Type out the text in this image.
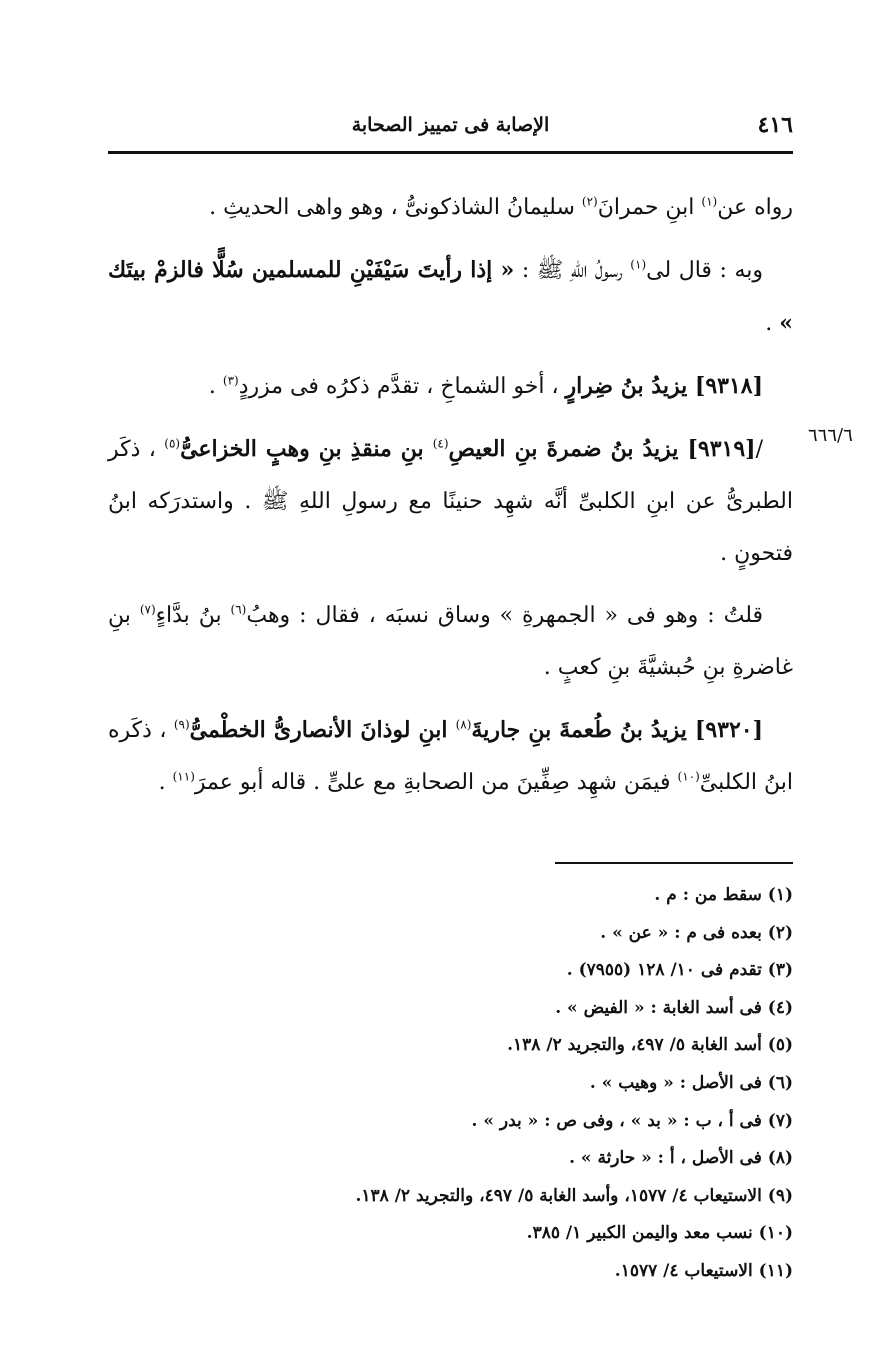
٤١٦
الإصابة فى تمييز الصحابة
٦٦٦/٦

رواه عن$^{(١)}$ ابنِ حمرانَ$^{(٢)}$ سليمانُ الشاذكونىُّ ، وهو واهى الحديثِ .

وبه : قال لى$^{(١)}$ رسولُ اللهِ ﷺ : « إذا رأيتَ سَيْفَيْنِ للمسلمين سُلًّا فالزمْ بيتَك » .

[٩٣١٨] يزيدُ بنُ ضِرارٍ ، أخو الشماخِ ، تقدَّم ذكرُه فى مزردٍ$^{(٣)}$ .

/[٩٣١٩] يزيدُ بنُ ضمرةَ بنِ العيصِ$^{(٤)}$ بنِ منقذِ بنِ وهبٍ الخزاعىُّ$^{(٥)}$ ، ذكَر الطبرىُّ عن ابنِ الكلبىِّ أنَّه شهِد حنينًا مع رسولِ اللهِ ﷺ . واستدرَكه ابنُ فتحونٍ .

قلتُ : وهو فى « الجمهرةِ » وساق نسبَه ، فقال : وهبُ$^{(٦)}$ بنُ بدَّاءٍ$^{(٧)}$ بنِ غاضرةِ بنِ حُبشيَّةَ بنِ كعبٍ .

[٩٣٢٠] يزيدُ بنُ طُعمةَ بنِ جاريةَ$^{(٨)}$ ابنِ لوذانَ الأنصارىُّ الخطْمىُّ$^{(٩)}$ ، ذكَره ابنُ الكلبىِّ$^{(١٠)}$ فيمَن شهِد صِفِّينَ من الصحابةِ مع علىٍّ . قاله أبو عمرَ$^{(١١)}$ .

(١) سقط من : م .
(٢) بعده فى م : « عن » .
(٣) تقدم فى ١٠/ ١٢٨ (٧٩٥٥) .
(٤) فى أسد الغابة : « الفيض » .
(٥) أسد الغابة ٥/ ٤٩٧، والتجريد ٢/ ١٣٨.
(٦) فى الأصل : « وهيب » .
(٧) فى أ ، ب : « بد » ، وفى ص : « بدر » .
(٨) فى الأصل ، أ : « حارثة » .
(٩) الاستيعاب ٤/ ١٥٧٧، وأسد الغابة ٥/ ٤٩٧، والتجريد ٢/ ١٣٨.
(١٠) نسب معد واليمن الكبير ١/ ٣٨٥.
(١١) الاستيعاب ٤/ ١٥٧٧.
